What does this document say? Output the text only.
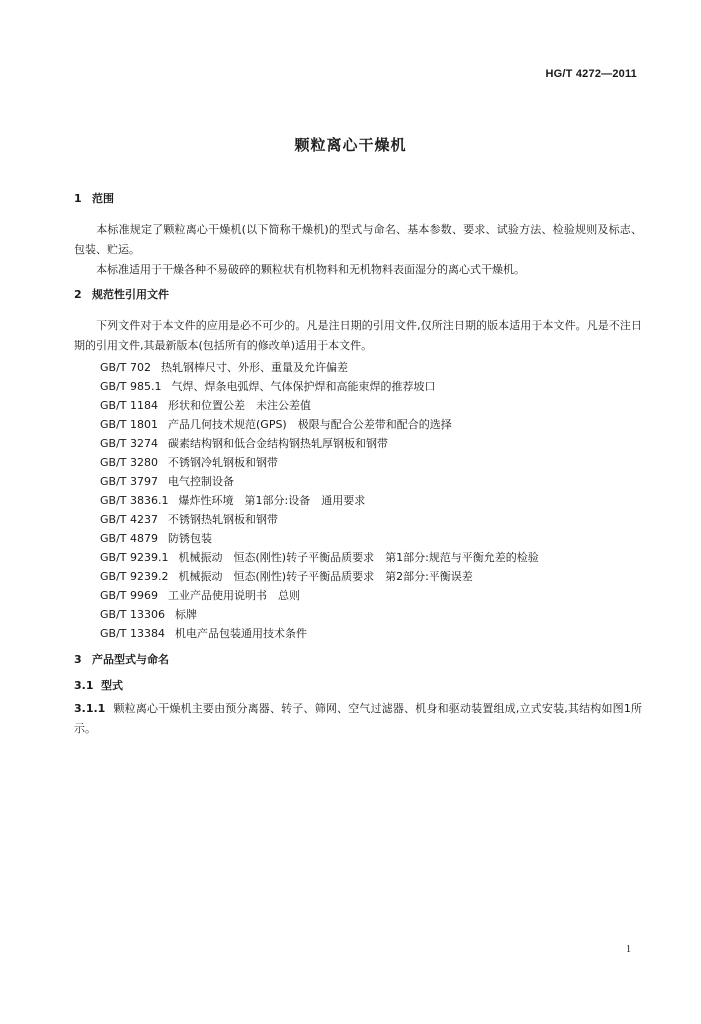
HG/T 4272—2011
颗粒离心干燥机
1 范围
本标准规定了颗粒离心干燥机(以下简称干燥机)的型式与命名、基本参数、要求、试验方法、检验规则及标志、包装、贮运。
本标准适用于干燥各种不易破碎的颗粒状有机物料和无机物料表面湿分的离心式干燥机。
2 规范性引用文件
下列文件对于本文件的应用是必不可少的。凡是注日期的引用文件,仅所注日期的版本适用于本文件。凡是不注日期的引用文件,其最新版本(包括所有的修改单)适用于本文件。
GB/T 702 热轧钢棒尺寸、外形、重量及允许偏差
GB/T 985.1 气焊、焊条电弧焊、气体保护焊和高能束焊的推荐坡口
GB/T 1184 形状和位置公差　未注公差值
GB/T 1801 产品几何技术规范(GPS)　极限与配合公差带和配合的选择
GB/T 3274 碳素结构钢和低合金结构钢热轧厚钢板和钢带
GB/T 3280 不锈钢冷轧钢板和钢带
GB/T 3797 电气控制设备
GB/T 3836.1 爆炸性环境　第1部分:设备　通用要求
GB/T 4237 不锈钢热轧钢板和钢带
GB/T 4879 防锈包装
GB/T 9239.1 机械振动　恒态(刚性)转子平衡品质要求　第1部分:规范与平衡允差的检验
GB/T 9239.2 机械振动　恒态(刚性)转子平衡品质要求　第2部分:平衡误差
GB/T 9969 工业产品使用说明书　总则
GB/T 13306 标牌
GB/T 13384 机电产品包装通用技术条件
3 产品型式与命名
3.1 型式
3.1.1 颗粒离心干燥机主要由预分离器、转子、筛网、空气过滤器、机身和驱动装置组成,立式安装,其结构如图1所示。
1
